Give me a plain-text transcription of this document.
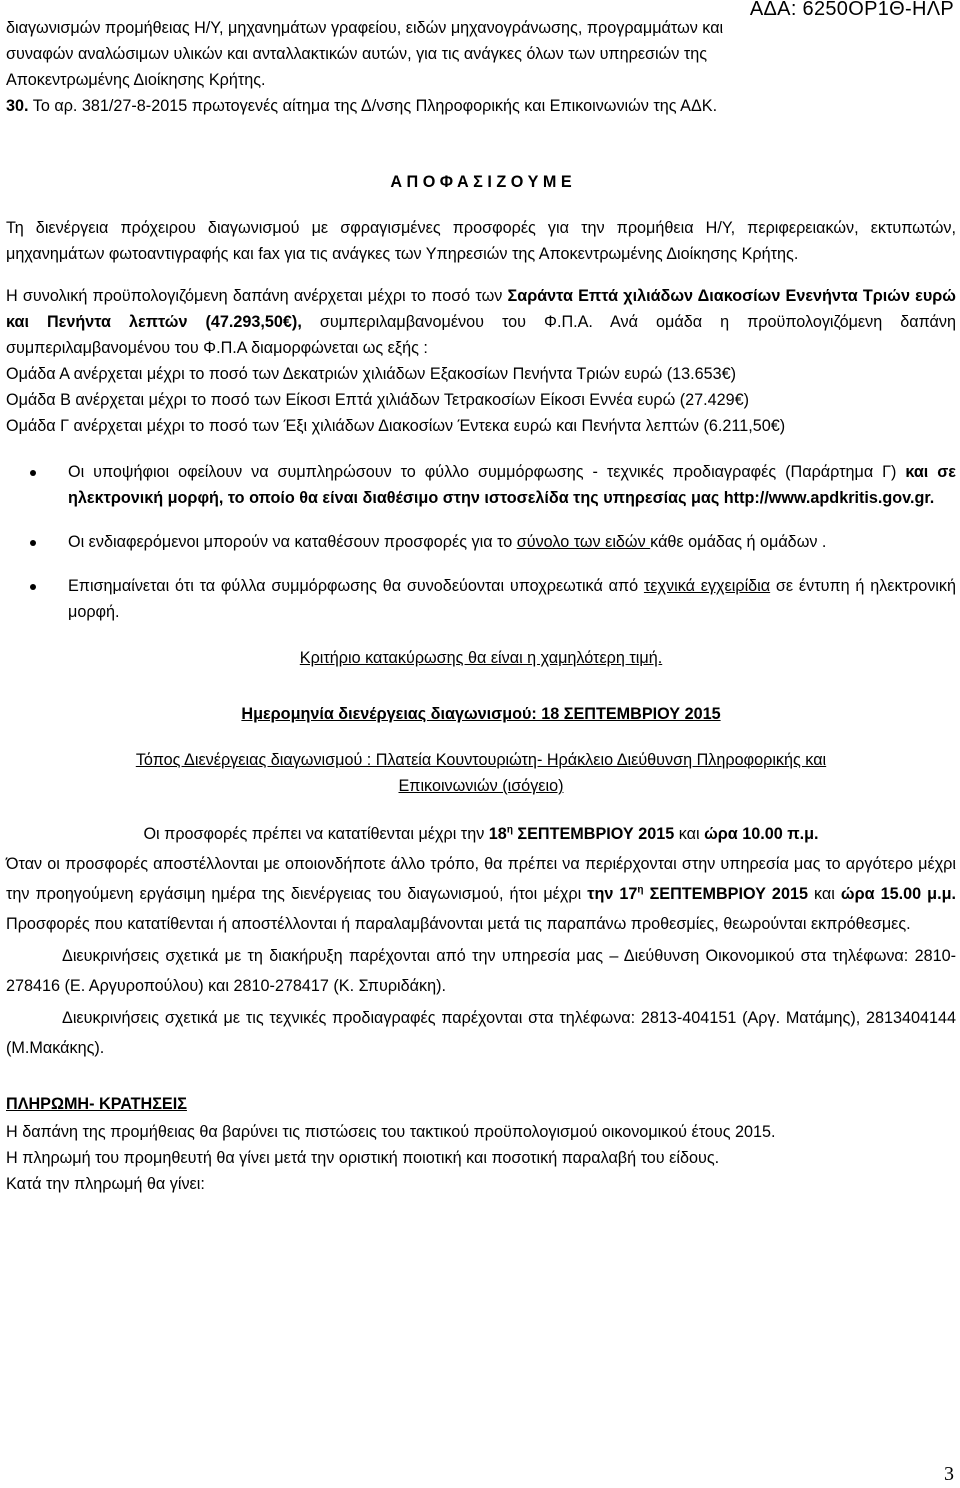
ΑΔΑ: 6250ΟΡ1Θ-ΗΛΡ

διαγωνισμών προμήθειας Η/Υ, μηχανημάτων γραφείου, ειδών μηχανογράνωσης, προγραμμάτων και

συναφών αναλώσιμων υλικών και ανταλλακτικών αυτών, για τις ανάγκες όλων των υπηρεσιών της

Αποκεντρωμένης Διοίκησης Κρήτης.

30. Το αρ. 381/27-8-2015 πρωτογενές αίτημα της Δ/νσης Πληροφορικής και Επικοινωνιών της ΑΔΚ.

Α Π Ο Φ Α Σ Ι Ζ Ο Υ Μ Ε

Τη διενέργεια πρόχειρου διαγωνισμού με σφραγισμένες προσφορές για την προμήθεια Η/Υ, περιφερειακών, εκτυπωτών, μηχανημάτων φωτοαντιγραφής και fax για τις ανάγκες των Υπηρεσιών της Αποκεντρωμένης Διοίκησης Κρήτης.

Η συνολική προϋπολογιζόμενη δαπάνη ανέρχεται μέχρι το ποσό των Σαράντα Επτά χιλιάδων Διακοσίων Ενενήντα Τριών ευρώ και Πενήντα λεπτών (47.293,50€), συμπεριλαμβανομένου του Φ.Π.Α. Ανά ομάδα η προϋπολογιζόμενη δαπάνη συμπεριλαμβανομένου του Φ.Π.Α διαμορφώνεται ως εξής :

Ομάδα Α ανέρχεται μέχρι το ποσό των Δεκατριών χιλιάδων Εξακοσίων Πενήντα Τριών ευρώ (13.653€)

Ομάδα Β ανέρχεται μέχρι το ποσό των Είκοσι Επτά χιλιάδων Τετρακοσίων Είκοσι Εννέα ευρώ (27.429€)

Ομάδα Γ ανέρχεται μέχρι το ποσό των Έξι χιλιάδων Διακοσίων Έντεκα ευρώ και Πενήντα λεπτών (6.211,50€)

Οι υποψήφιοι οφείλουν να συμπληρώσουν το φύλλο συμμόρφωσης - τεχνικές προδιαγραφές (Παράρτημα Γ) και σε ηλεκτρονική μορφή, το οποίο θα είναι διαθέσιμο στην ιστοσελίδα της υπηρεσίας μας http://www.apdkritis.gov.gr.
Οι ενδιαφερόμενοι μπορούν να καταθέσουν προσφορές για το σύνολο των ειδών κάθε ομάδας ή ομάδων .
Επισημαίνεται ότι τα φύλλα συμμόρφωσης θα συνοδεύονται υποχρεωτικά από τεχνικά εγχειρίδια σε έντυπη ή ηλεκτρονική μορφή.

Κριτήριο κατακύρωσης θα είναι η χαμηλότερη τιμή.

Ημερομηνία διενέργειας διαγωνισμού: 18 ΣΕΠΤΕΜΒΡΙΟΥ 2015

Τόπος Διενέργειας διαγωνισμού : Πλατεία Κουντουριώτη- Ηράκλειο Διεύθυνση Πληροφορικής και

Επικοινωνιών (ισόγειο)

Οι προσφορές πρέπει να κατατίθενται μέχρι την $18^\eta$ ΣΕΠΤΕΜΒΡΙΟΥ 2015 και ώρα 10.00 π.μ.

Όταν οι προσφορές αποστέλλονται με οποιονδήποτε άλλο τρόπο, θα πρέπει να περιέρχονται στην υπηρεσία μας το αργότερο μέχρι την προηγούμενη εργάσιμη ημέρα της διενέργειας του διαγωνισμού, ήτοι μέχρι την $17^\eta$ ΣΕΠΤΕΜΒΡΙΟΥ 2015 και ώρα 15.00 μ.μ. Προσφορές που κατατίθενται ή αποστέλλονται ή παραλαμβάνονται μετά τις παραπάνω προθεσμίες, θεωρούνται εκπρόθεσμες.

Διευκρινήσεις σχετικά με τη διακήρυξη παρέχονται από την υπηρεσία μας – Διεύθυνση Οικονομικού στα τηλέφωνα: 2810-278416 (Ε. Αργυροπούλου) και 2810-278417 (Κ. Σπυριδάκη).

Διευκρινήσεις σχετικά με τις τεχνικές προδιαγραφές παρέχονται στα τηλέφωνα: 2813-404151 (Αργ. Ματάμης), 2813404144 (Μ.Μακάκης).

ΠΛΗΡΩΜΗ- ΚΡΑΤΗΣΕΙΣ

Η δαπάνη της προμήθειας θα βαρύνει τις πιστώσεις του τακτικού προϋπολογισμού οικονομικού έτους 2015.

Η πληρωμή του προμηθευτή θα γίνει μετά την οριστική ποιοτική και ποσοτική παραλαβή του είδους.

Κατά την πληρωμή θα γίνει:

3
